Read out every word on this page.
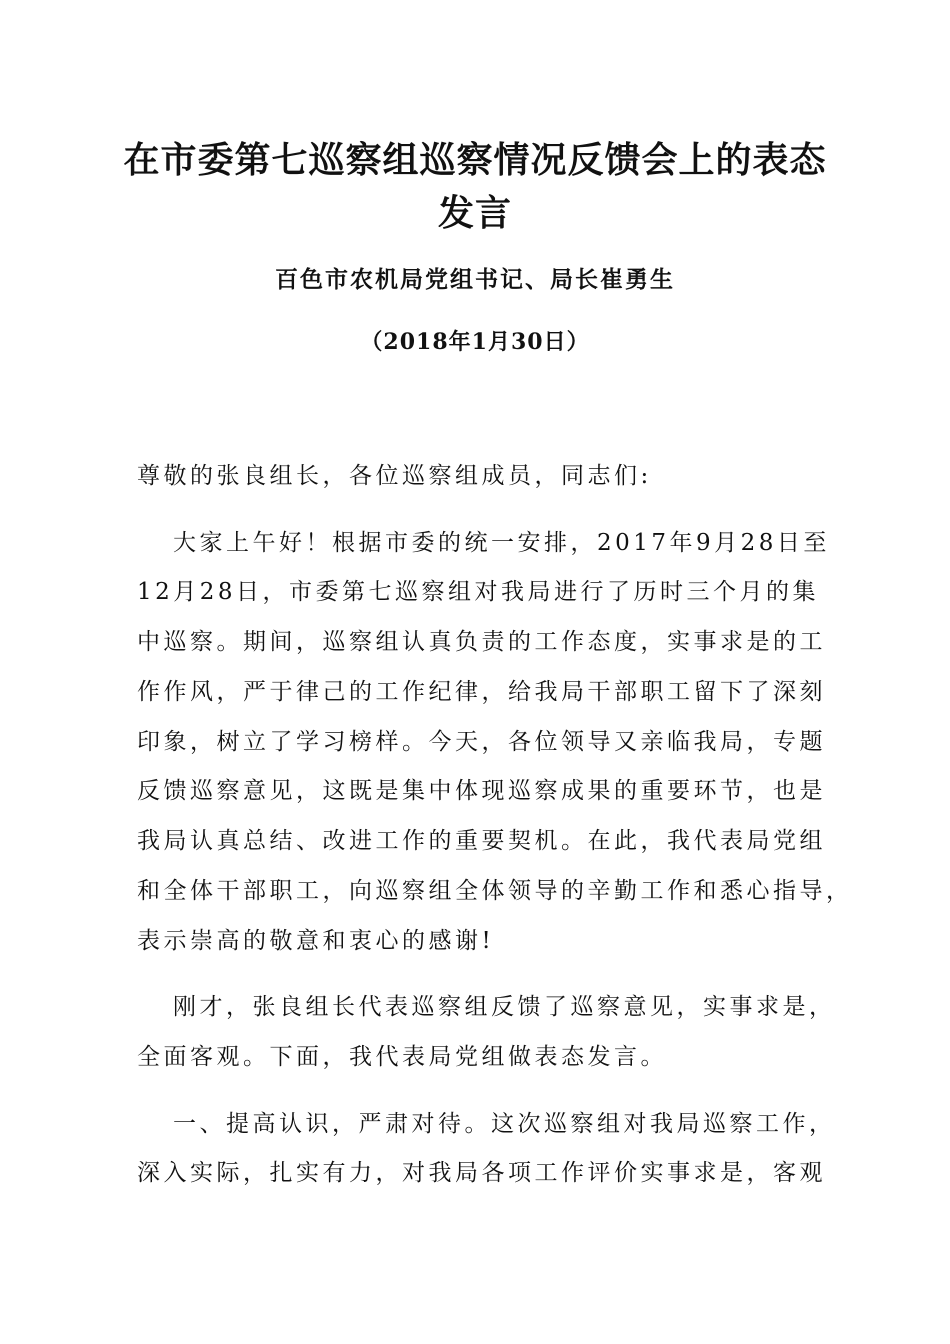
在市委第七巡察组巡察情况反馈会上的表态
发言
百色市农机局党组书记、局长崔勇生
（2018年1月30日）
尊敬的张良组长，各位巡察组成员，同志们:
大家上午好！根据市委的统一安排，2017年9月28日至
12月28日，市委第七巡察组对我局进行了历时三个月的集
中巡察。期间，巡察组认真负责的工作态度，实事求是的工
作作风，严于律己的工作纪律，给我局干部职工留下了深刻
印象，树立了学习榜样。今天，各位领导又亲临我局，专题
反馈巡察意见，这既是集中体现巡察成果的重要环节，也是
我局认真总结、改进工作的重要契机。在此，我代表局党组
和全体干部职工，向巡察组全体领导的辛勤工作和悉心指导，
表示崇高的敬意和衷心的感谢!
刚才，张良组长代表巡察组反馈了巡察意见，实事求是，
全面客观。下面，我代表局党组做表态发言。
一、提高认识，严肃对待。这次巡察组对我局巡察工作，
深入实际，扎实有力，对我局各项工作评价实事求是，客观
